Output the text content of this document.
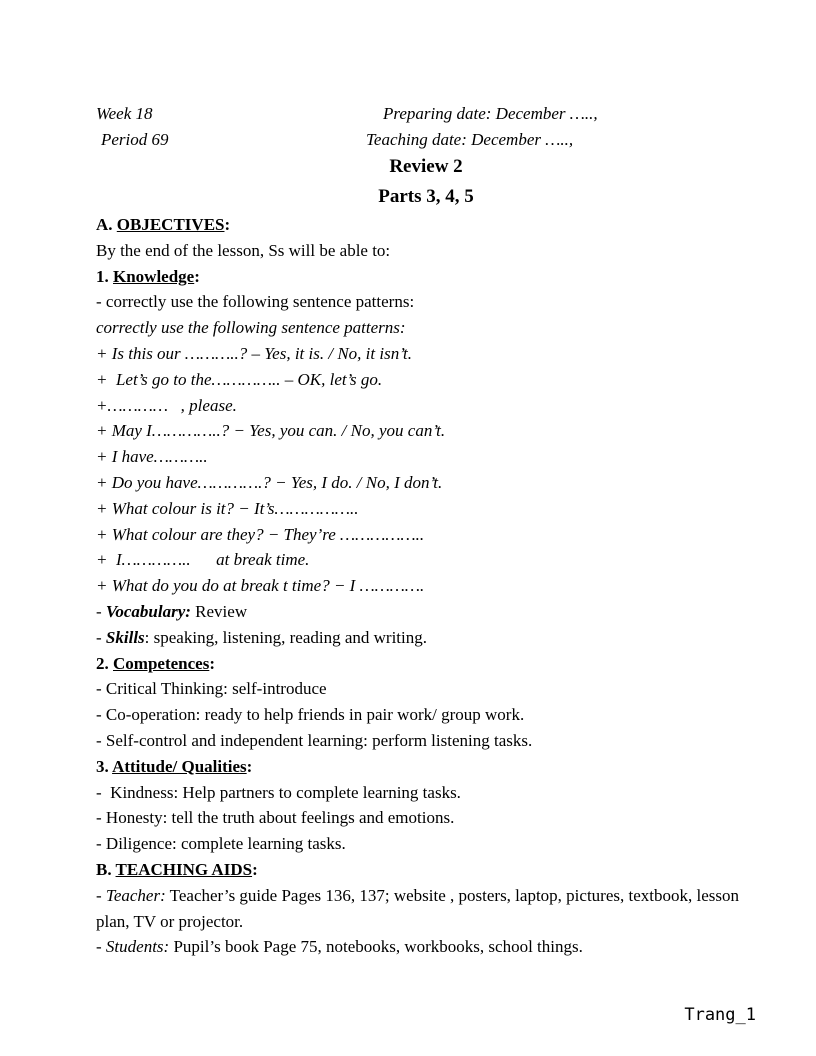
Week 18	Preparing date: December …..,
Period 69	Teaching date: December …..,
Review 2
Parts 3, 4, 5
A. OBJECTIVES:
By the end of the lesson, Ss will be able to:
1. Knowledge:
- correctly use the following sentence patterns:
correctly use the following sentence patterns:
+ Is this our ………..? – Yes, it is. / No, it isn’t.
+  Let’s go to the………….. – OK, let’s go.
+…………   , please.
+ May I…………..? − Yes, you can. / No, you can’t.
+ I have………..
+ Do you have………….? − Yes, I do. / No, I don’t.
+ What colour is it? − It’s……………..
+ What colour are they? − They’re ……………..
+  I…………..      at break time.
+ What do you do at break t time? − I ………….
- Vocabulary: Review
- Skills: speaking, listening, reading and writing.
2. Competences:
- Critical Thinking: self-introduce
- Co-operation: ready to help friends in pair work/ group work.
- Self-control and independent learning: perform listening tasks.
3. Attitude/ Qualities:
-  Kindness: Help partners to complete learning tasks.
- Honesty: tell the truth about feelings and emotions.
- Diligence: complete learning tasks.
B. TEACHING AIDS:
- Teacher: Teacher’s guide Pages 136, 137; website , posters, laptop, pictures, textbook, lesson plan, TV or projector.
- Students: Pupil’s book Page 75, notebooks, workbooks, school things.
Trang_1
